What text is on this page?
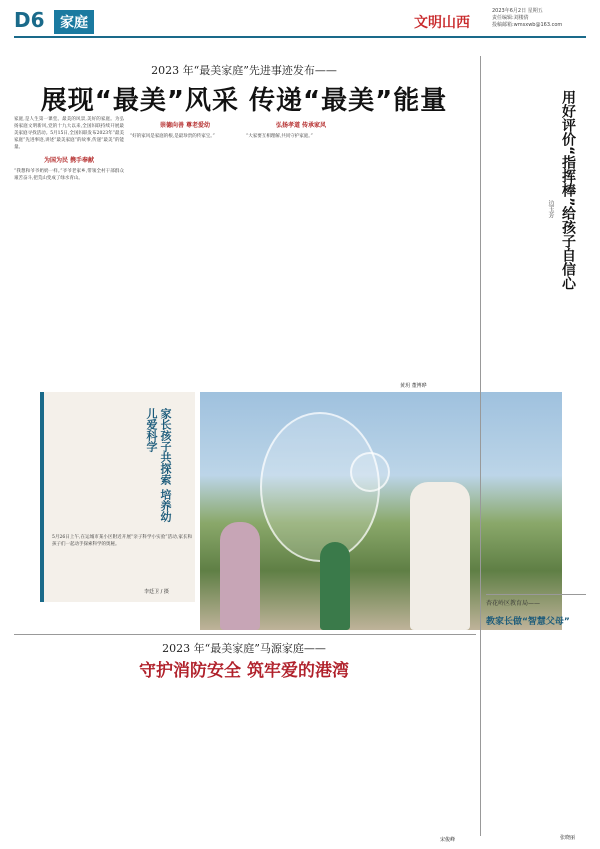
D6	家庭	文明山西
2023年6月2日 星期五
责任编辑:刘楼倩
投稿邮箱:wmsxwb@163.com
2023 年“最美家庭”先进事迹发布——
展现“最美”风采 传递“最美”能量

家庭,是人生第一课堂。最美的风景,美好的家庭。为弘扬家庭文明新风,党的十九大以来,全国妇联持续开展最美家庭寻找活动。5月15日,全国妇联发布2023年“最美家庭”先进事迹,讲述“最美家庭”的故事,传递“最美”的能量。

为国为民 携手奉献

“我想和爷爷奶奶一样。”爷爷老家乡,带领全村干部群众艰苦奋斗,把荒山变成了绿水青山。

崇德向善 尊老爱幼

“好的家风是家庭的根,是最珍贵的传家宝。”

弘扬孝道 传承家风

“大家要互相理解,共同守护家庭。”

家长孩子共探索 培养幼儿爱科学
5月26日上午,在运城市某小区附近开展“亲子科学小实验”活动,家长和孩子们一起动手探索科学的奥秘。
李廷卫 / 摄
黄玥 董博晔
用好评价“指挥棒”给孩子自信心
边玉芳
杏花岭区教育局——
教家长做“智慧父母”
张晓丽
2023 年“最美家庭”马源家庭——
守护消防安全 筑牢爱的港湾
宋俊峰
